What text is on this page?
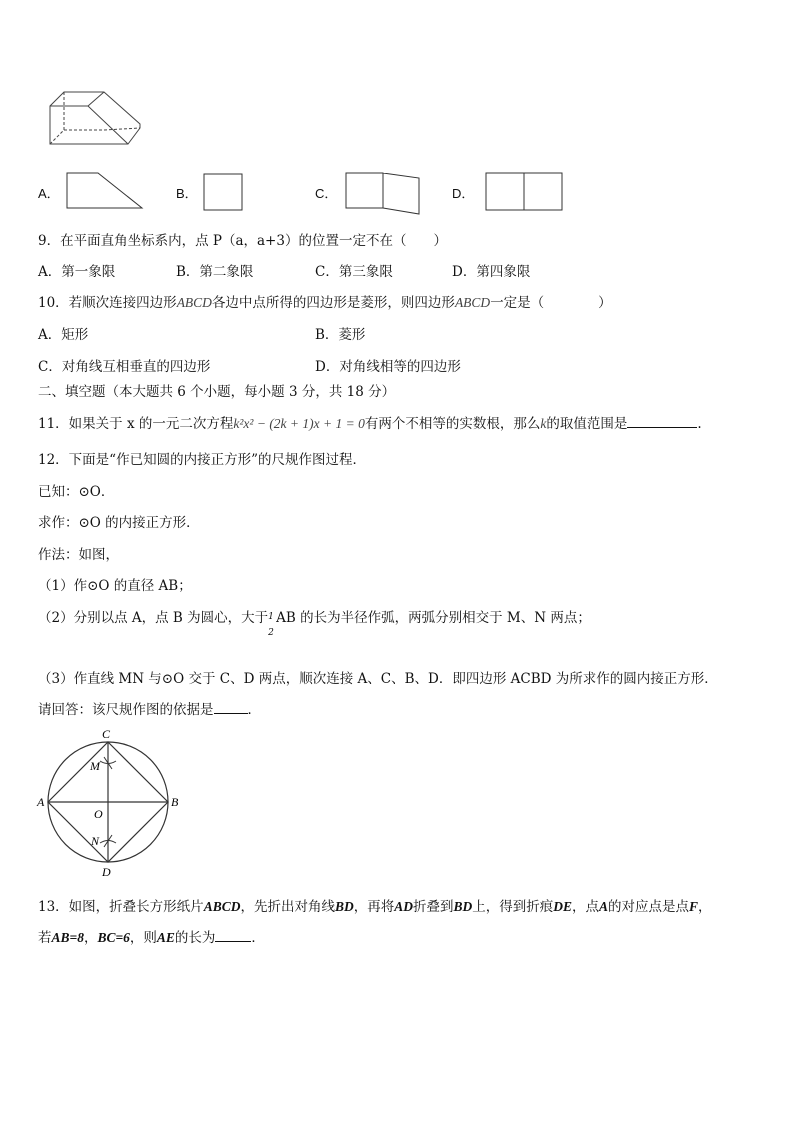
A．	B．	C．	D．
9．在平面直角坐标系内，点 P（a，a+3）的位置一定不在（　　）
A．第一象限	B．第二象限	C．第三象限	D．第四象限
10．若顺次连接四边形ABCD各边中点所得的四边形是菱形，则四边形ABCD一定是（　　　　）
A．矩形	B．菱形
C．对角线互相垂直的四边形	D．对角线相等的四边形
二、填空题（本大题共 6 个小题，每小题 3 分，共 18 分）
11．如果关于 x 的一元二次方程k²x² − (2k + 1)x + 1 = 0有两个不相等的实数根，那么k的取值范围是	.
12．下面是“作已知圆的内接正方形”的尺规作图过程．
已知：⊙O．
求作：⊙O 的内接正方形．
作法：如图，
（1）作⊙O 的直径 AB；
（2）分别以点 A，点 B 为圆心，大于 1
2
AB 的长为半径作弧，两弧分别相交于 M、N 两点；
（3）作直线 MN 与⊙O 交于 C、D 两点，顺次连接 A、C、B、D．即四边形 ACBD 为所求作的圆内接正方形．
请回答：该尺规作图的依据是	．
C
M
A
O
B
N
D
13．如图，折叠长方形纸片ABCD，先折出对角线BD，再将AD折叠到BD上，得到折痕DE，点A的对应点是点F，
若AB=8，BC=6，则AE的长为	．
